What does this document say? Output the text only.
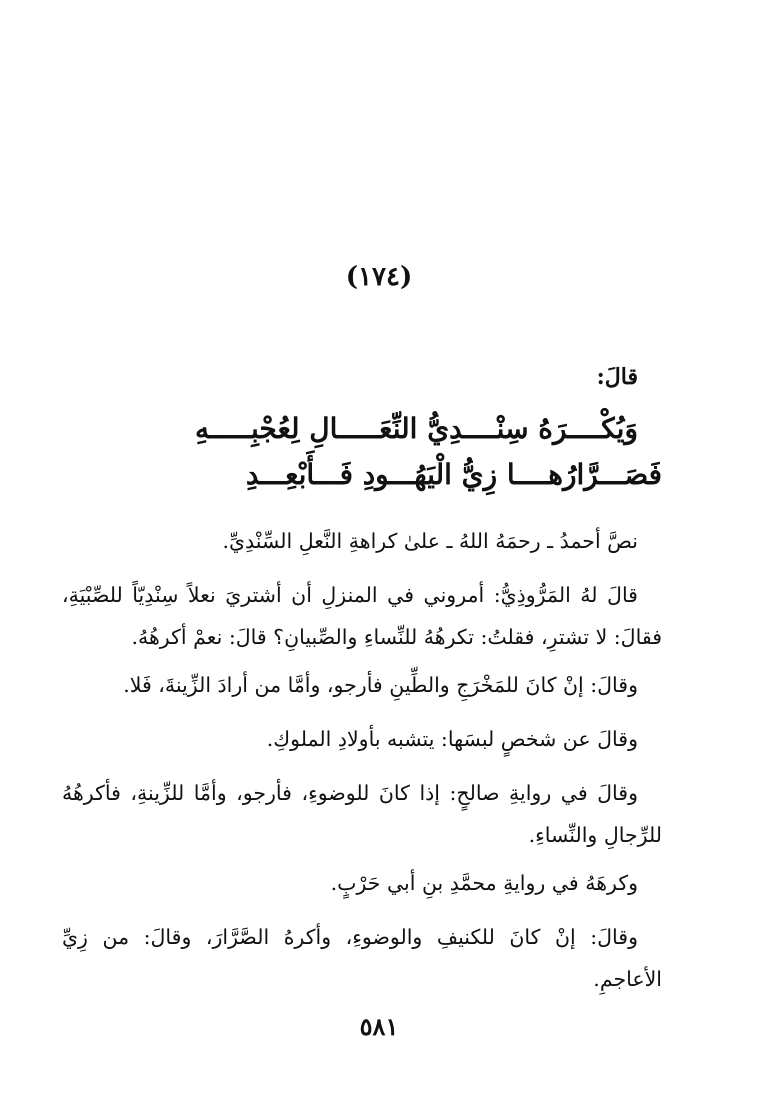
(١٧٤)
قالَ:
وَيُكْــــرَهُ سِنْــــدِيُّ النِّعَـــــالِ لِعُجْبِـــــهِ
فَصَـــرَّارُهــــا زِيُّ الْيَهُـــودِ فَـــأَبْعِـــدِ
نصَّ أحمدُ ـ رحمَهُ اللهُ ـ علىٰ كراهةِ النَّعلِ السِّنْدِيِّ.
قالَ لهُ المَرُّوذِيُّ: أمروني في المنزلِ أن أشتريَ نعلاً سِنْدِيّاً للصِّبْيَةِ، فقالَ: لا تشترِ، فقلتُ: تكرهُهُ للنِّساءِ والصِّبيانِ؟ قالَ: نعمْ أكرهُهُ.
وقالَ: إنْ كانَ للمَخْرَجِ والطِّينِ فأرجو، وأمَّا من أرادَ الزِّينةَ، فَلا.
وقالَ عن شخصٍ لبسَها: يتشبه بأولادِ الملوكِ.
وقالَ في روايةِ صالحٍ: إذا كانَ للوضوءِ، فأرجو، وأمَّا للزِّينةِ، فأكرهُهُ للرِّجالِ والنِّساءِ.
وكرهَهُ في روايةِ محمَّدِ بنِ أبي حَرْبٍ.
وقالَ: إنْ كانَ للكنيفِ والوضوءِ، وأكرهُ الصَّرَّارَ، وقالَ: من زِيِّ الأعاجمِ.
٥٨١
